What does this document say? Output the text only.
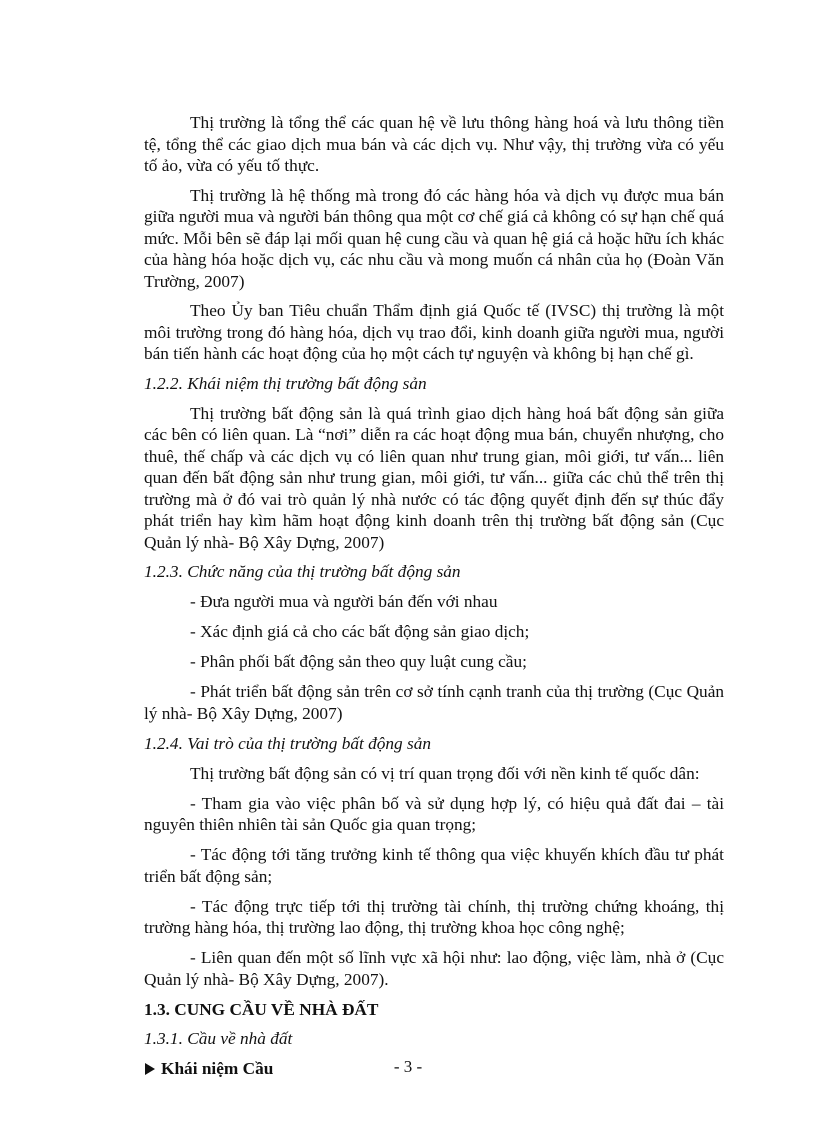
Thị trường là tổng thể các quan hệ về lưu thông hàng hoá và lưu thông tiền tệ, tổng thể các giao dịch mua bán và các dịch vụ. Như vậy, thị trường vừa có yếu tố ảo, vừa có yếu tố thực.

Thị trường là hệ thống mà trong đó các hàng hóa và dịch vụ được mua bán giữa người mua và người bán thông qua một cơ chế giá cả không có sự hạn chế quá mức. Mỗi bên sẽ đáp lại mối quan hệ cung cầu và quan hệ giá cả hoặc hữu ích khác của hàng hóa hoặc dịch vụ, các nhu cầu và mong muốn cá nhân của họ (Đoàn Văn Trường, 2007)

Theo Ủy ban Tiêu chuẩn Thẩm định giá Quốc tế (IVSC) thị trường là một môi trường trong đó hàng hóa, dịch vụ trao đổi, kinh doanh giữa người mua, người bán tiến hành các hoạt động của họ một cách tự nguyện và không bị hạn chế gì.

1.2.2. Khái niệm thị trường bất động sản

Thị trường bất động sản là quá trình giao dịch hàng hoá bất động sản giữa các bên có liên quan. Là “nơi” diễn ra các hoạt động mua bán, chuyển nhượng, cho thuê, thế chấp và các dịch vụ có liên quan như trung gian, môi giới, tư vấn... liên quan đến bất động sản như trung gian, môi giới, tư vấn... giữa các chủ thể trên thị trường mà ở đó vai trò quản lý nhà nước có tác động quyết định đến sự thúc đẩy phát triển hay kìm hãm hoạt động kinh doanh trên thị trường bất động sản (Cục Quản lý nhà- Bộ Xây Dựng, 2007)

1.2.3. Chức năng của thị trường bất động sản

- Đưa người mua và người bán đến với nhau

- Xác định giá cả cho các bất động sản giao dịch;

- Phân phối bất động sản theo quy luật cung cầu;

- Phát triển bất động sản trên cơ sở tính cạnh tranh của thị trường (Cục Quản lý nhà- Bộ Xây Dựng, 2007)

1.2.4. Vai trò của thị trường bất động sản

Thị trường bất động sản có vị trí quan trọng đối với nền kinh tế quốc dân:

- Tham gia vào việc phân bố và sử dụng hợp lý, có hiệu quả đất đai – tài nguyên thiên nhiên tài sản Quốc gia quan trọng;

- Tác động tới tăng trưởng kinh tế thông qua việc khuyến khích đầu tư phát triển bất động sản;

- Tác động trực tiếp tới thị trường tài chính, thị trường chứng khoáng, thị trường hàng hóa, thị trường lao động, thị trường khoa học công nghệ;

- Liên quan đến một số lĩnh vực xã hội như: lao động, việc làm, nhà ở (Cục Quản lý nhà- Bộ Xây Dựng, 2007).

1.3. CUNG CẦU VỀ NHÀ ĐẤT

1.3.1. Cầu về nhà đất

Khái niệm Cầu	- 3 -
